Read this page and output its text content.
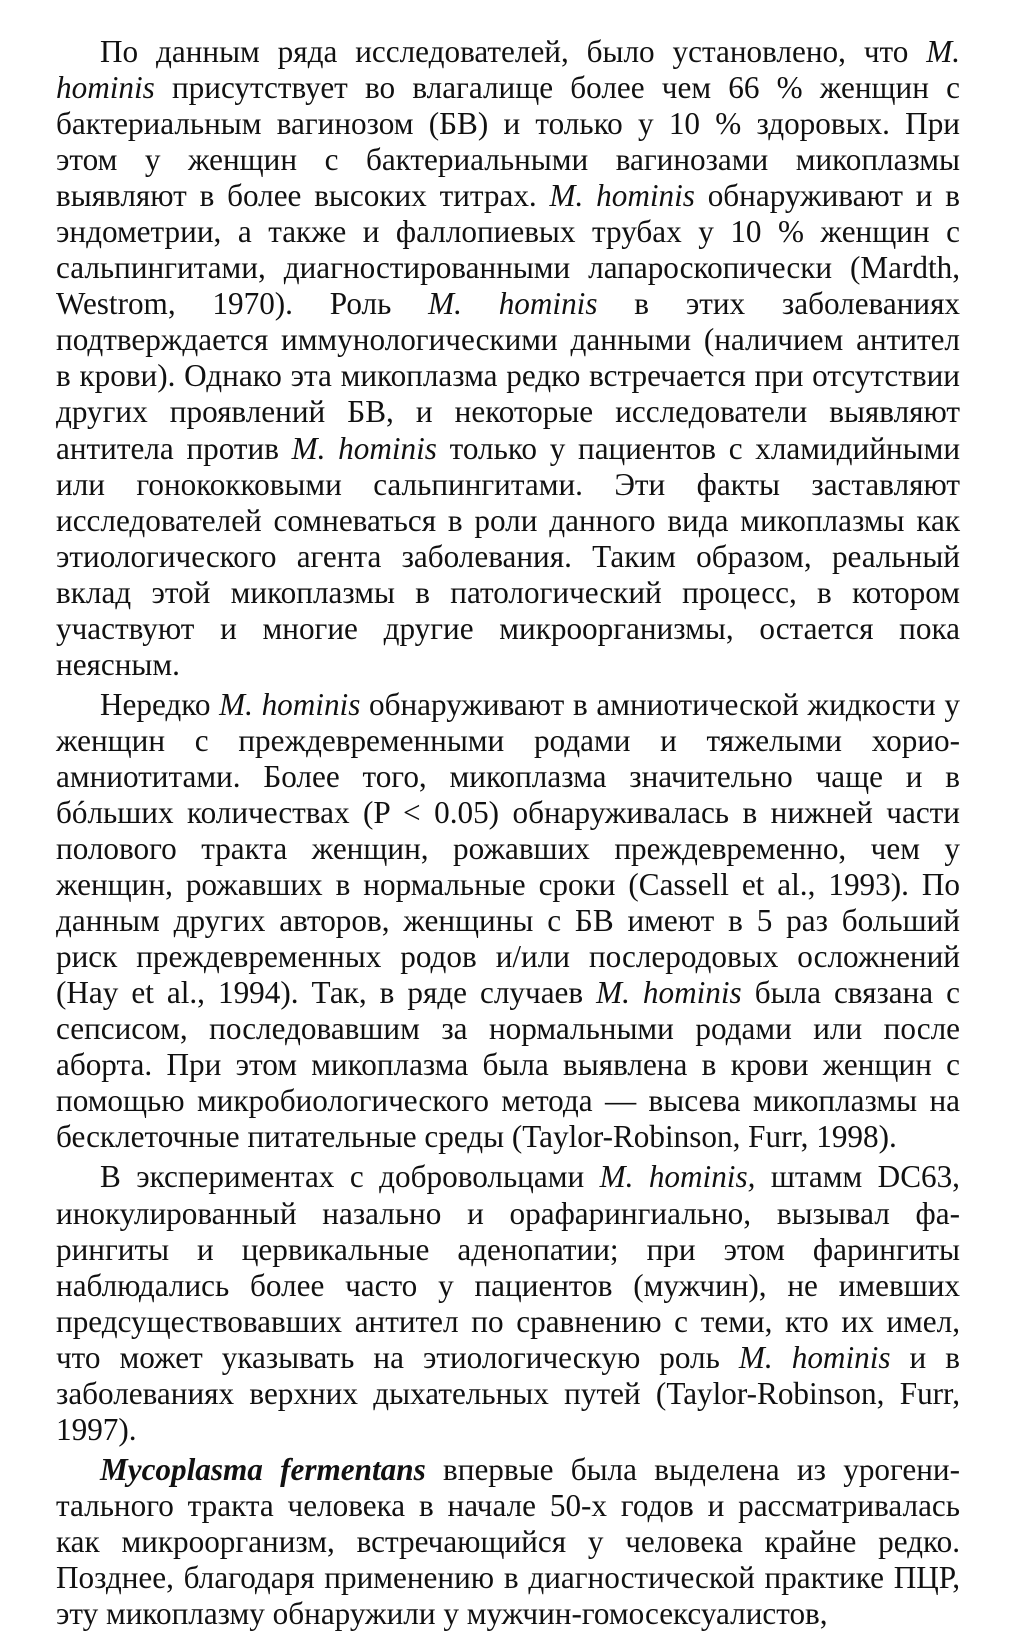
По данным ряда исследователей, было установлено, что M. hominis присутствует во влагалище более чем 66 % женщин с бактериальным вагинозом (БВ) и только у 10 % здоровых. При этом у женщин с бактериальными вагинозами микоплазмы выявляют в более высоких титрах. M. hominis обнаруживают и в эндометрии, а также и фаллопиевых трубах у 10 % женщин с сальпингитами, диагностированными лапароскопически (Mardth, Westrom, 1970). Роль M. hominis в этих заболеваниях подтверждается иммунологическими данными (наличием антител в крови). Однако эта микоплазма редко встречается при отсутствии других проявлений БВ, и некоторые исследователи выявляют антитела против M. hominis только у пациентов с хламидийными или гонококковыми сальпингитами. Эти факты заставляют исследователей сомневаться в роли данного вида микоплазмы как этиологического агента заболевания. Таким образом, реальный вклад этой микоплазмы в патологический процесс, в котором участвуют и многие другие микроорганизмы, остается пока неясным.

Нередко M. hominis обнаруживают в амниотической жидкости у женщин с преждевременными родами и тяжелыми хориоамниотитами. Более того, микоплазма значительно чаще и в бóльших количествах (P < 0.05) обнаруживалась в нижней части полового тракта женщин, рожавших преждевременно, чем у женщин, рожавших в нормальные сроки (Cassell et al., 1993). По данным других авторов, женщины с БВ имеют в 5 раз больший риск преждевременных родов и/или послеродовых осложнений (Hay et al., 1994). Так, в ряде случаев M. hominis была связана с сепсисом, последовавшим за нормальными родами или после аборта. При этом микоплазма была выявлена в крови женщин с помощью микробиологического метода — высева микоплазмы на бесклеточные питательные среды (Taylor-Robinson, Furr, 1998).

В экспериментах с добровольцами M. hominis, штамм DC63, инокулированный назально и орафарингиально, вызывал фарингиты и цервикальные аденопатии; при этом фарингиты наблюдались более часто у пациентов (мужчин), не имевших предсуществовавших антител по сравнению с теми, кто их имел, что может указывать на этиологическую роль M. hominis и в заболеваниях верхних дыхательных путей (Taylor-Robinson, Furr, 1997).

Mycoplasma fermentans впервые была выделена из урогенитального тракта человека в начале 50-х годов и рассматривалась как микроорганизм, встречающийся у человека крайне редко. Позднее, благодаря применению в диагностической практике ПЦР, эту микоплазму обнаружили у мужчин-гомосексуалистов,
